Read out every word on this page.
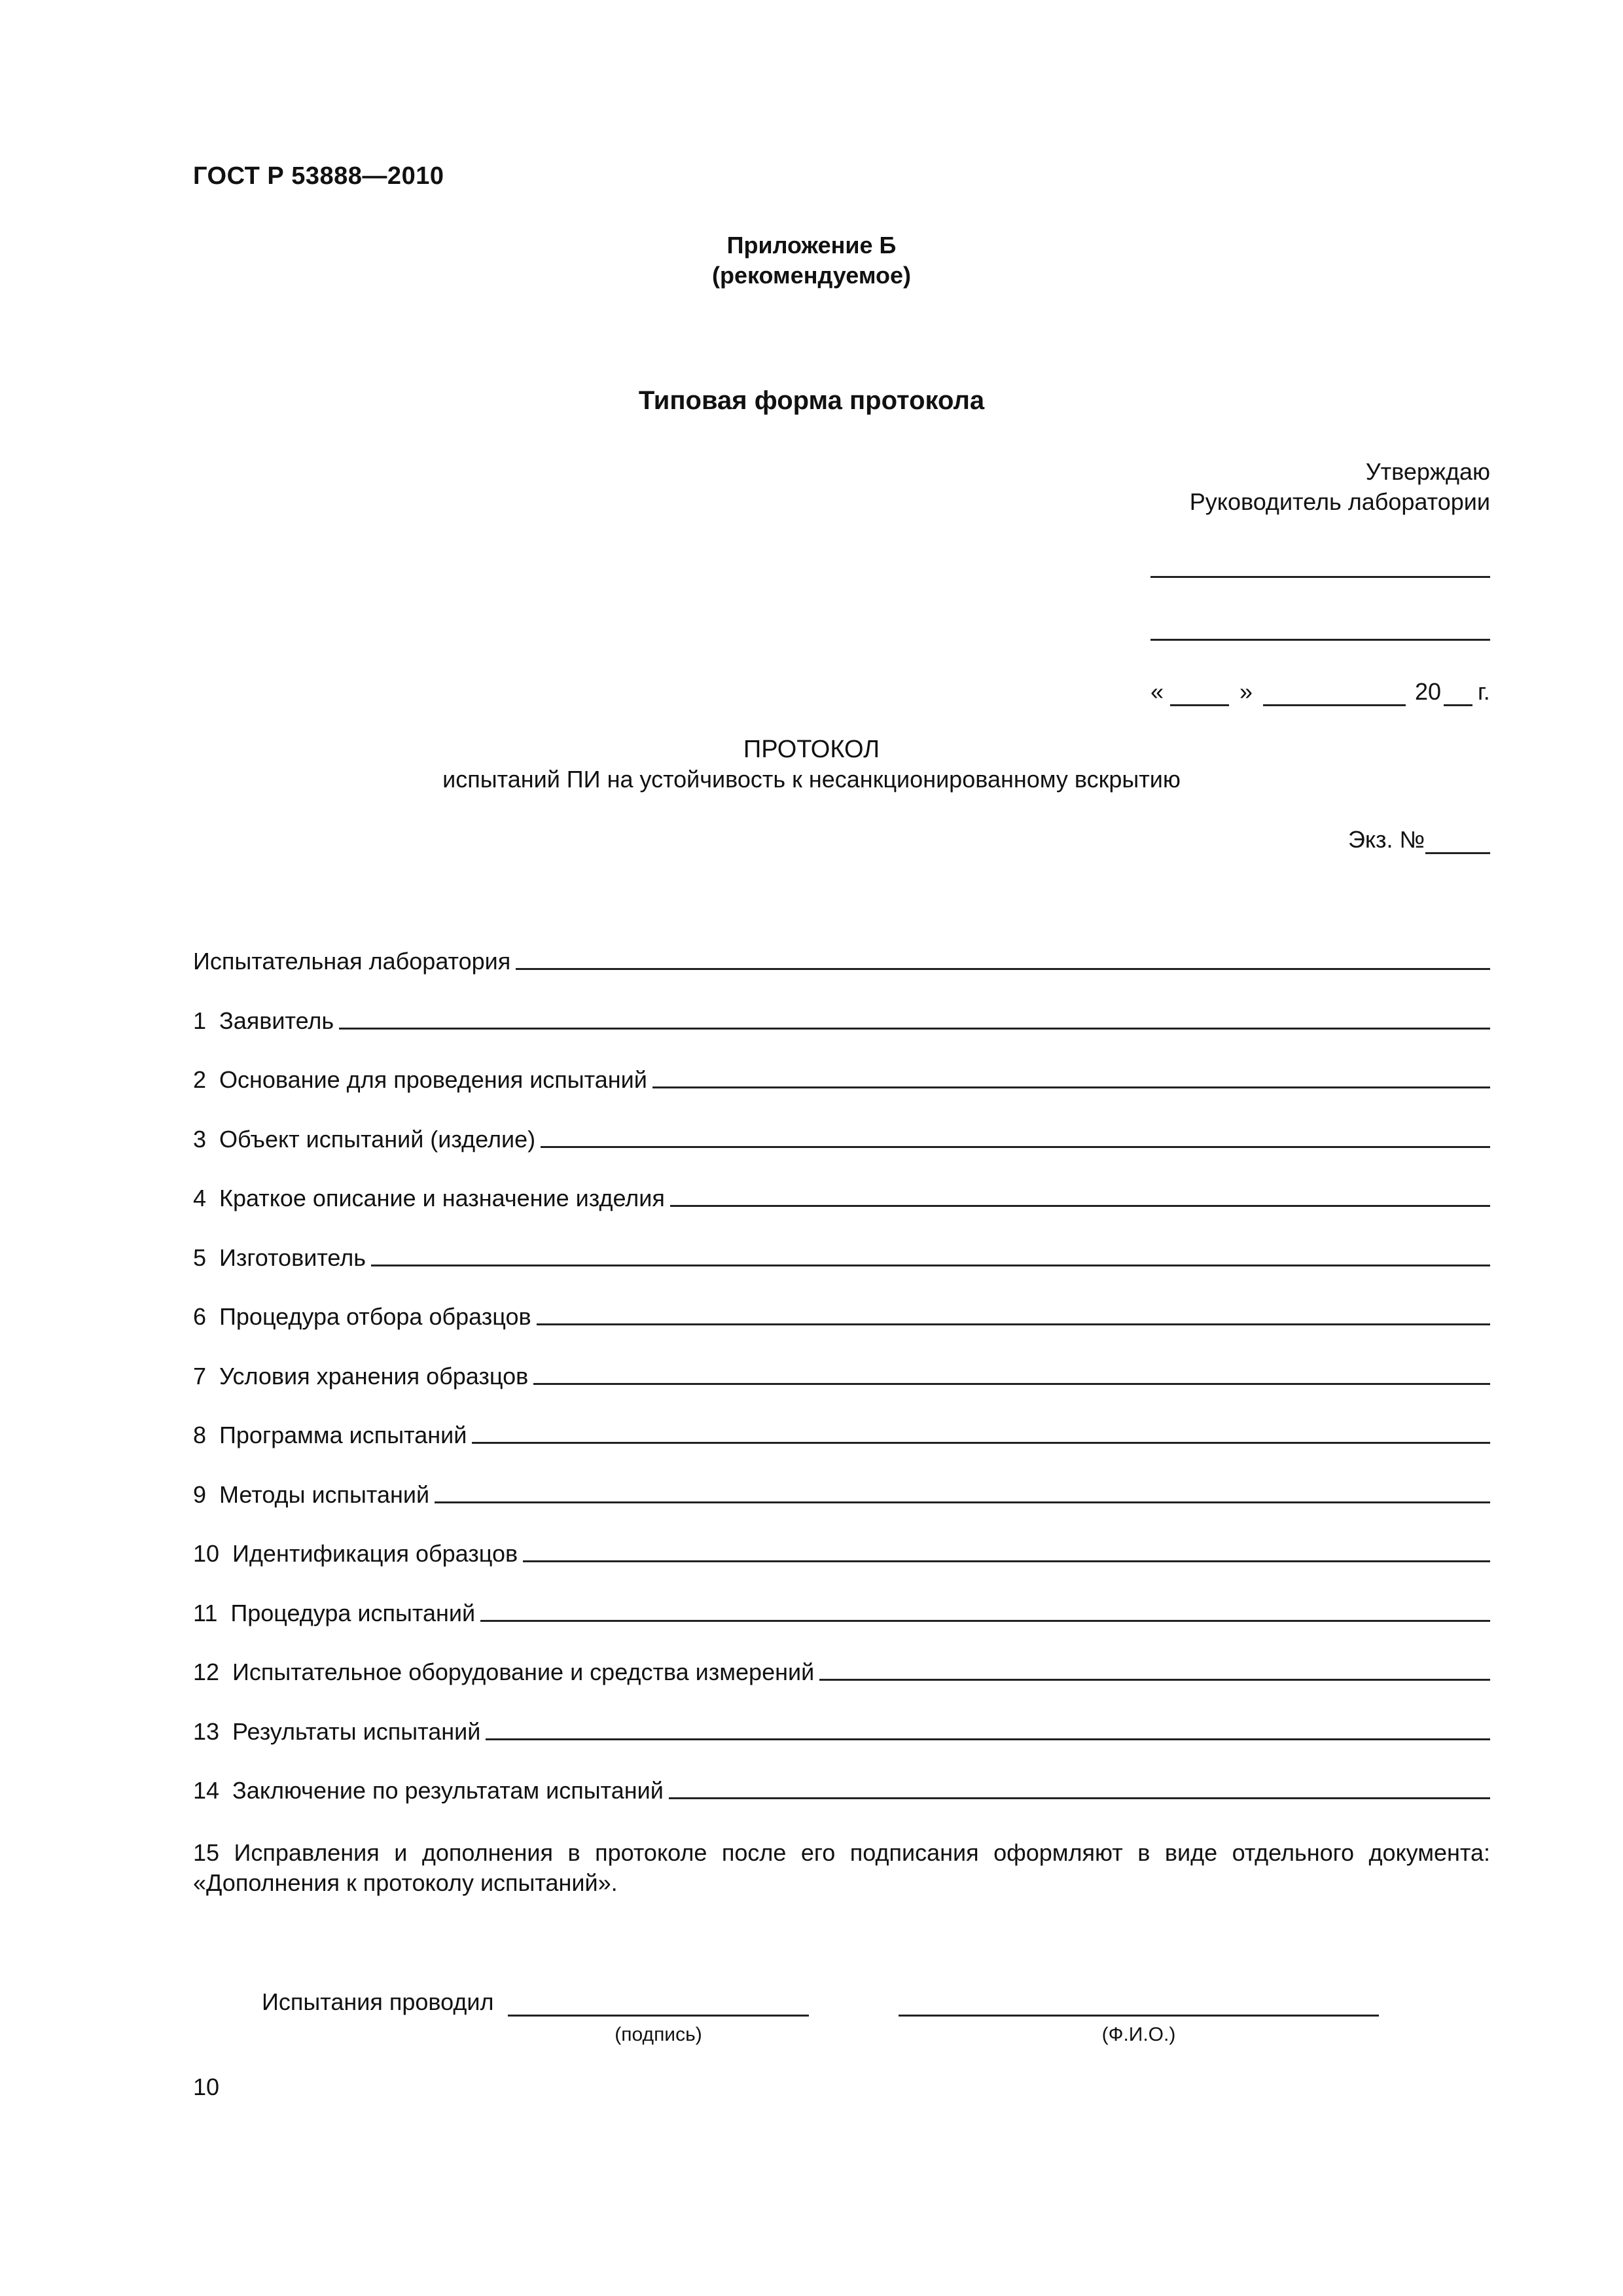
ГОСТ Р 53888—2010
Приложение Б
(рекомендуемое)
Типовая форма протокола
Утверждаю
Руководитель лаборатории
«	»	20 г.
ПРОТОКОЛ
испытаний ПИ на устойчивость к несанкционированному вскрытию
Экз. №
Испытательная лаборатория
1  Заявитель
2  Основание для проведения испытаний
3  Объект испытаний (изделие)
4  Краткое описание и назначение изделия
5  Изготовитель
6  Процедура отбора образцов
7  Условия хранения образцов
8  Программа испытаний
9  Методы испытаний
10  Идентификация образцов
11  Процедура испытаний
12  Испытательное оборудование и средства измерений
13  Результаты испытаний
14  Заключение по результатам испытаний
15 Исправления и дополнения в протоколе после его подписания оформляют в виде отдельного документа: «Дополнения к протоколу испытаний».
Испытания проводил
(подпись)	(Ф.И.О.)
10
